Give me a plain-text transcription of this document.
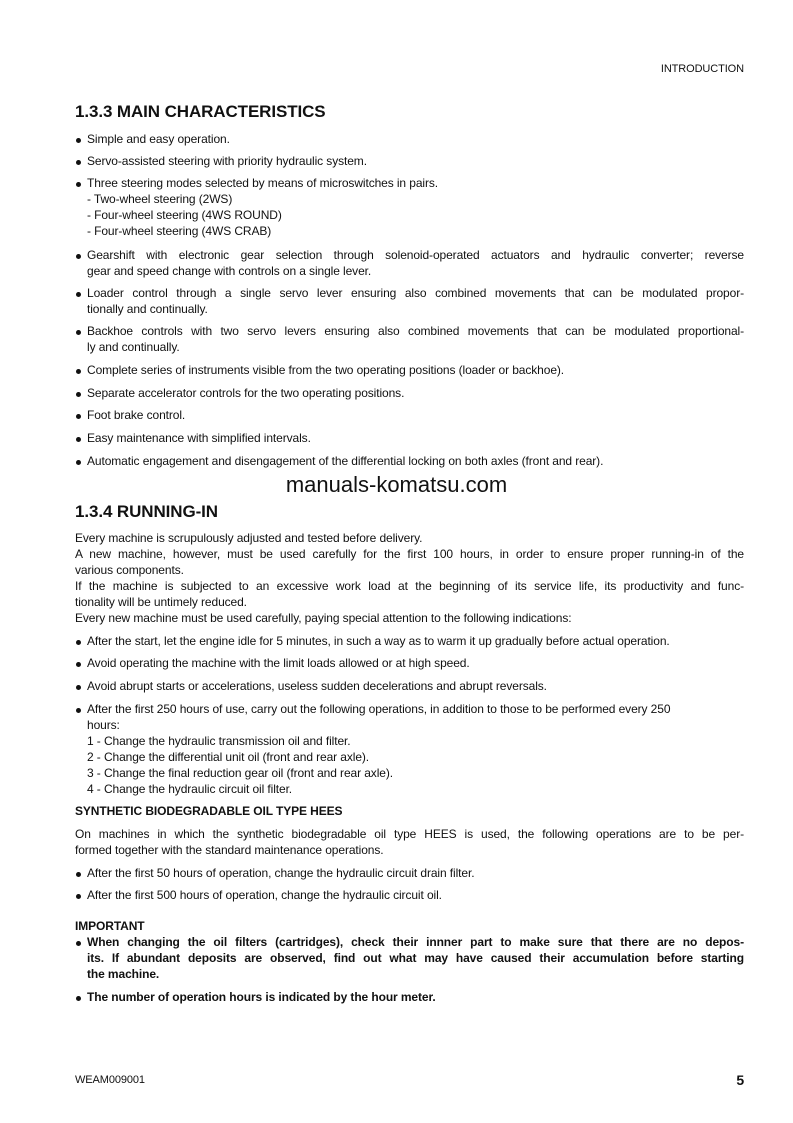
INTRODUCTION
1.3.3 MAIN CHARACTERISTICS
1.3.4 RUNNING-IN
SYNTHETIC BIODEGRADABLE OIL TYPE HEES
IMPORTANT
WEAM009001	5
manuals-komatsu.com
Simple and easy operation.
Servo-assisted steering with priority hydraulic system.
Three steering modes selected by means of microswitches in pairs.
- Two-wheel steering (2WS)
- Four-wheel steering (4WS ROUND)
- Four-wheel steering (4WS CRAB)
Gearshift with electronic gear selection through solenoid-operated actuators and hydraulic converter; reverse
gear and speed change with controls on a single lever.
Loader control through a single servo lever ensuring also combined movements that can be modulated propor-
tionally and continually.
Backhoe controls with two servo levers ensuring also combined movements that can be modulated proportional-
ly and continually.
Complete series of instruments visible from the two operating positions (loader or backhoe).
Separate accelerator controls for the two operating positions.
Foot brake control.
Easy maintenance with simplified intervals.
Automatic engagement and disengagement of the differential locking on both axles (front and rear).
Every machine is scrupulously adjusted and tested before delivery.
A new machine, however, must be used carefully for the first 100 hours, in order to ensure proper running-in of the
various components.
If the machine is subjected to an excessive work load at the beginning of its service life, its productivity and func-
tionality will be untimely reduced.
Every new machine must be used carefully, paying special attention to the following indications:
After the start, let the engine idle for 5 minutes, in such a way as to warm it up gradually before actual operation.
Avoid operating the machine with the limit loads allowed or at high speed.
Avoid abrupt starts or accelerations, useless sudden decelerations and abrupt reversals.
After the first 250 hours of use, carry out the following operations, in addition to those to be performed every 250
hours:
1 - Change the hydraulic transmission oil and filter.
2 - Change the differential unit oil (front and rear axle).
3 - Change the final reduction gear oil (front and rear axle).
4 - Change the hydraulic circuit oil filter.
On machines in which the synthetic biodegradable oil type HEES is used, the following operations are to be per-
formed together with the standard maintenance operations.
After the first 50 hours of operation, change the hydraulic circuit drain filter.
After the first 500 hours of operation, change the hydraulic circuit oil.
When changing the oil filters (cartridges), check their innner part to make sure that there are no depos-
its. If abundant deposits are observed, find out what may have caused their accumulation before starting
the machine.
The number of operation hours is indicated by the hour meter.
